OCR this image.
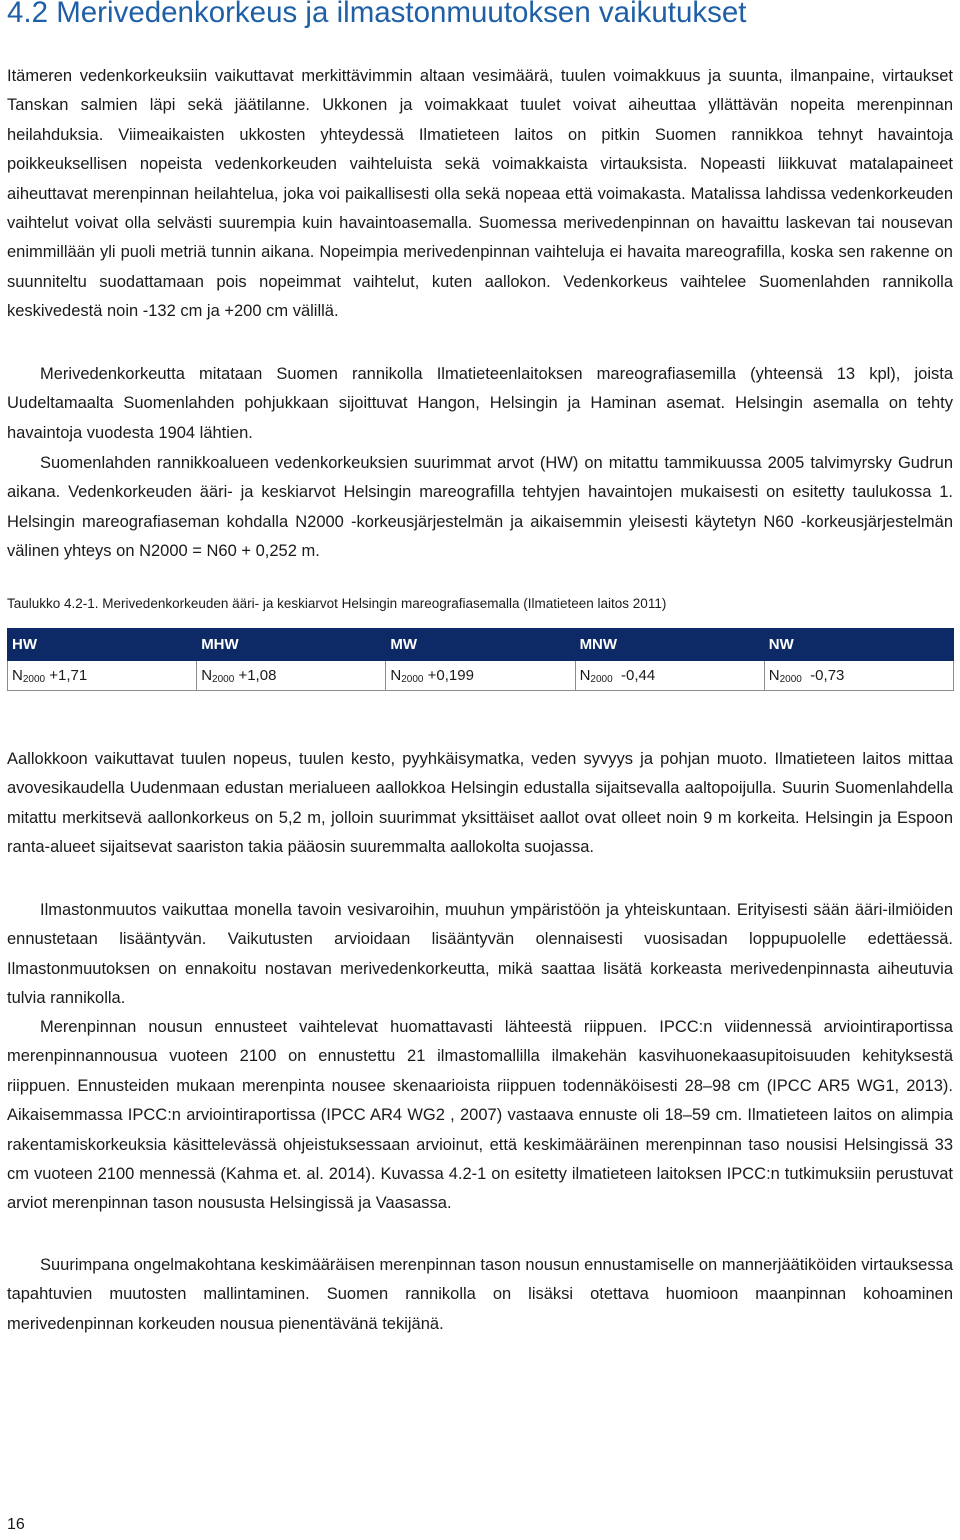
4.2 Merivedenkorkeus ja ilmastonmuutoksen vaikutukset

Itämeren vedenkorkeuksiin vaikuttavat merkittävimmin altaan vesimäärä, tuulen voimakkuus ja suunta, ilmanpaine, virtaukset Tanskan salmien läpi sekä jäätilanne. Ukkonen ja voimakkaat tuulet voivat aiheuttaa yllättävän nopeita merenpinnan heilahduksia. Viimeaikaisten ukkosten yhteydessä Ilmatieteen laitos on pitkin Suomen rannikkoa tehnyt havaintoja poikkeuksellisen nopeista vedenkorkeuden vaihteluista sekä voimakkaista virtauksista. Nopeasti liikkuvat matalapaineet aiheuttavat merenpinnan heilahtelua, joka voi paikallisesti olla sekä nopeaa että voimakasta. Matalissa lahdissa vedenkorkeuden vaihtelut voivat olla selvästi suurempia kuin havaintoasemalla. Suomessa merivedenpinnan on havaittu laskevan tai nousevan enimmillään yli puoli metriä tunnin aikana. Nopeimpia merivedenpinnan vaihteluja ei havaita mareografilla, koska sen rakenne on suunniteltu suodattamaan pois nopeimmat vaihtelut, kuten aallokon. Vedenkorkeus vaihtelee Suomenlahden rannikolla keskivedestä noin -132 cm ja +200 cm välillä.

Merivedenkorkeutta mitataan Suomen rannikolla Ilmatieteenlaitoksen mareografiasemilla (yhteensä 13 kpl), joista Uudeltamaalta Suomenlahden pohjukkaan sijoittuvat Hangon, Helsingin ja Haminan asemat. Helsingin asemalla on tehty havaintoja vuodesta 1904 lähtien.

Suomenlahden rannikkoalueen vedenkorkeuksien suurimmat arvot (HW) on mitattu tammikuussa 2005 talvimyrsky Gudrun aikana. Vedenkorkeuden ääri- ja keskiarvot Helsingin mareografilla tehtyjen havaintojen mukaisesti on esitetty taulukossa 1. Helsingin mareografiaseman kohdalla N2000 -korkeusjärjestelmän ja aikaisemmin yleisesti käytetyn N60 -korkeusjärjestelmän välinen yhteys on N2000 = N60 + 0,252 m.

Taulukko 4.2-1. Merivedenkorkeuden ääri- ja keskiarvot Helsingin mareografiasemalla (Ilmatieteen laitos 2011)

HW	MHW	MW	MNW	NW
N2000 +1,71	N2000 +1,08	N2000 +0,199	N2000 -0,44	N2000 -0,73

Aallokkoon vaikuttavat tuulen nopeus, tuulen kesto, pyyhkäisymatka, veden syvyys ja pohjan muoto. Ilmatieteen laitos mittaa avovesikaudella Uudenmaan edustan merialueen aallokkoa Helsingin edustalla sijaitsevalla aaltopoijulla. Suurin Suomenlahdella mitattu merkitsevä aallonkorkeus on 5,2 m, jolloin suurimmat yksittäiset aallot ovat olleet noin 9 m korkeita. Helsingin ja Espoon ranta-alueet sijaitsevat saariston takia pääosin suuremmalta aallokolta suojassa.

Ilmastonmuutos vaikuttaa monella tavoin vesivaroihin, muuhun ympäristöön ja yhteiskuntaan. Erityisesti sään ääri-ilmiöiden ennustetaan lisääntyvän. Vaikutusten arvioidaan lisääntyvän olennaisesti vuosisadan loppupuolelle edettäessä. Ilmastonmuutoksen on ennakoitu nostavan merivedenkorkeutta, mikä saattaa lisätä korkeasta merivedenpinnasta aiheutuvia tulvia rannikolla.

Merenpinnan nousun ennusteet vaihtelevat huomattavasti lähteestä riippuen. IPCC:n viidennessä arviointiraportissa merenpinnannousua vuoteen 2100 on ennustettu 21 ilmastomallilla ilmakehän kasvihuonekaasupitoisuuden kehityksestä riippuen. Ennusteiden mukaan merenpinta nousee skenaarioista riippuen todennäköisesti 28–98 cm (IPCC AR5 WG1, 2013). Aikaisemmassa IPCC:n arviointiraportissa (IPCC AR4 WG2 , 2007) vastaava ennuste oli 18–59 cm. Ilmatieteen laitos on alimpia rakentamiskorkeuksia käsittelevässä ohjeistuksessaan arvioinut, että keskimääräinen merenpinnan taso nousisi Helsingissä 33 cm vuoteen 2100 mennessä (Kahma et. al. 2014). Kuvassa 4.2-1 on esitetty ilmatieteen laitoksen IPCC:n tutkimuksiin perustuvat arviot merenpinnan tason noususta Helsingissä ja Vaasassa.

Suurimpana ongelmakohtana keskimääräisen merenpinnan tason nousun ennustamiselle on mannerjäätiköiden virtauksessa tapahtuvien muutosten mallintaminen. Suomen rannikolla on lisäksi otettava huomioon maanpinnan kohoaminen merivedenpinnan korkeuden nousua pienentävänä tekijänä.

16
